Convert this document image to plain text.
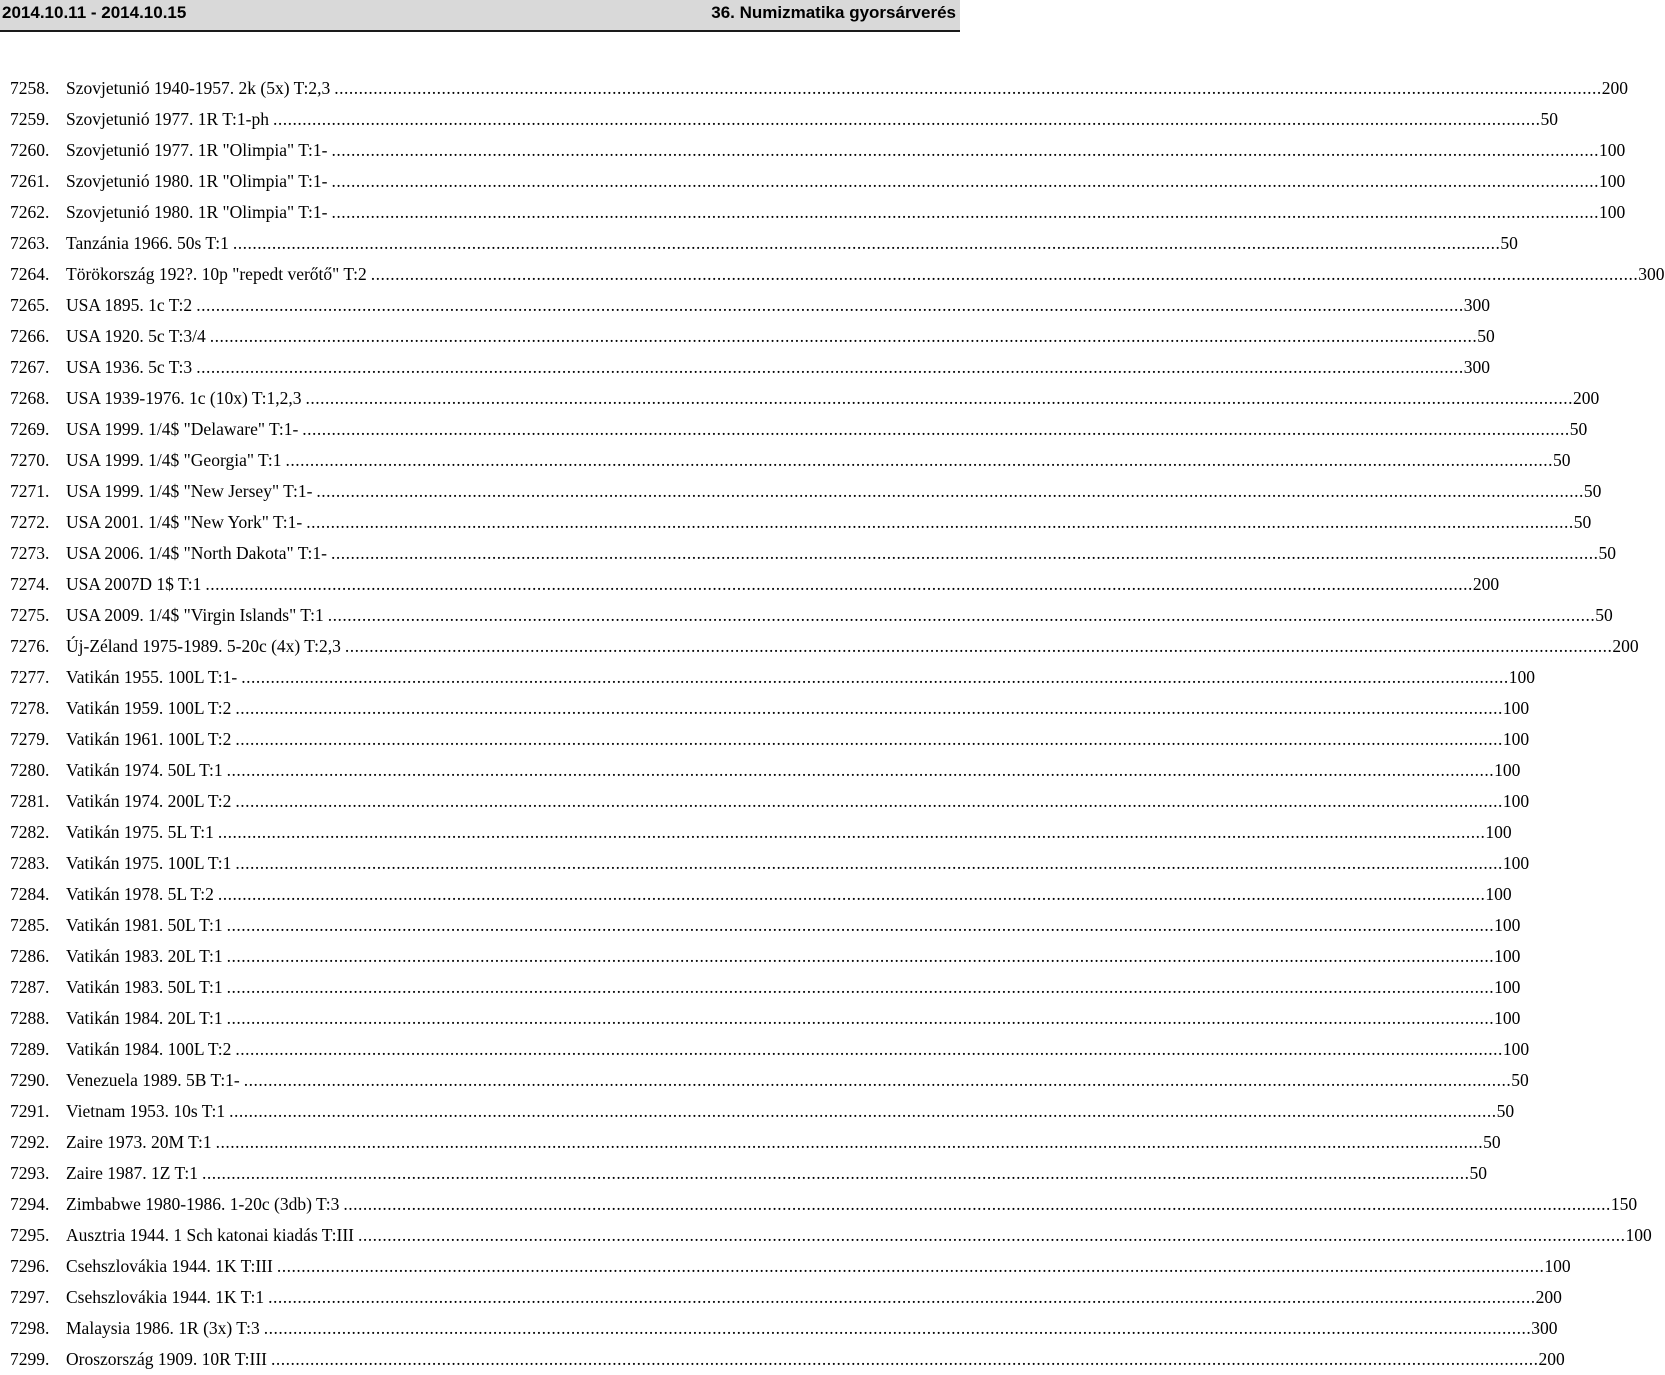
2014.10.11 - 2014.10.15	36. Numizmatika gyorsárverés
7258. Szovjetunió 1940-1957. 2k (5x) T:2,3 .................................................................................................................................................................................................................................................................... 200
7259. Szovjetunió 1977. 1R T:1-ph .................................................................................................................................................................................................................................................................... 50
7260. Szovjetunió 1977. 1R "Olimpia" T:1- .................................................................................................................................................................................................................................................................... 100
7261. Szovjetunió 1980. 1R "Olimpia" T:1- .................................................................................................................................................................................................................................................................... 100
7262. Szovjetunió 1980. 1R "Olimpia" T:1- .................................................................................................................................................................................................................................................................... 100
7263. Tanzánia 1966. 50s T:1 .................................................................................................................................................................................................................................................................... 50
7264. Törökország 192?. 10p "repedt verőtő" T:2 .................................................................................................................................................................................................................................................................... 300
7265. USA 1895. 1c T:2 .................................................................................................................................................................................................................................................................... 300
7266. USA 1920. 5c T:3/4 .................................................................................................................................................................................................................................................................... 50
7267. USA 1936. 5c T:3 .................................................................................................................................................................................................................................................................... 300
7268. USA 1939-1976. 1c (10x) T:1,2,3 .................................................................................................................................................................................................................................................................... 200
7269. USA 1999. 1/4$ "Delaware" T:1- .................................................................................................................................................................................................................................................................... 50
7270. USA 1999. 1/4$ "Georgia" T:1 .................................................................................................................................................................................................................................................................... 50
7271. USA 1999. 1/4$ "New Jersey" T:1- .................................................................................................................................................................................................................................................................... 50
7272. USA 2001. 1/4$ "New York" T:1- .................................................................................................................................................................................................................................................................... 50
7273. USA 2006. 1/4$ "North Dakota" T:1- .................................................................................................................................................................................................................................................................... 50
7274. USA 2007D 1$ T:1 .................................................................................................................................................................................................................................................................... 200
7275. USA 2009. 1/4$ "Virgin Islands" T:1 .................................................................................................................................................................................................................................................................... 50
7276. Új-Zéland 1975-1989. 5-20c (4x) T:2,3 .................................................................................................................................................................................................................................................................... 200
7277. Vatikán 1955. 100L T:1- .................................................................................................................................................................................................................................................................... 100
7278. Vatikán 1959. 100L T:2 .................................................................................................................................................................................................................................................................... 100
7279. Vatikán 1961. 100L T:2 .................................................................................................................................................................................................................................................................... 100
7280. Vatikán 1974. 50L T:1 .................................................................................................................................................................................................................................................................... 100
7281. Vatikán 1974. 200L T:2 .................................................................................................................................................................................................................................................................... 100
7282. Vatikán 1975. 5L T:1 .................................................................................................................................................................................................................................................................... 100
7283. Vatikán 1975. 100L T:1 .................................................................................................................................................................................................................................................................... 100
7284. Vatikán 1978. 5L T:2 .................................................................................................................................................................................................................................................................... 100
7285. Vatikán 1981. 50L T:1 .................................................................................................................................................................................................................................................................... 100
7286. Vatikán 1983. 20L T:1 .................................................................................................................................................................................................................................................................... 100
7287. Vatikán 1983. 50L T:1 .................................................................................................................................................................................................................................................................... 100
7288. Vatikán 1984. 20L T:1 .................................................................................................................................................................................................................................................................... 100
7289. Vatikán 1984. 100L T:2 .................................................................................................................................................................................................................................................................... 100
7290. Venezuela 1989. 5B T:1- .................................................................................................................................................................................................................................................................... 50
7291. Vietnam 1953. 10s T:1 .................................................................................................................................................................................................................................................................... 50
7292. Zaire 1973. 20M T:1 .................................................................................................................................................................................................................................................................... 50
7293. Zaire 1987. 1Z T:1 .................................................................................................................................................................................................................................................................... 50
7294. Zimbabwe 1980-1986. 1-20c (3db) T:3 .................................................................................................................................................................................................................................................................... 150
7295. Ausztria 1944. 1 Sch katonai kiadás T:III .................................................................................................................................................................................................................................................................... 100
7296. Csehszlovákia 1944. 1K T:III .................................................................................................................................................................................................................................................................... 100
7297. Csehszlovákia 1944. 1K T:1 .................................................................................................................................................................................................................................................................... 200
7298. Malaysia 1986. 1R (3x) T:3 .................................................................................................................................................................................................................................................................... 300
7299. Oroszország 1909. 10R T:III .................................................................................................................................................................................................................................................................... 200
